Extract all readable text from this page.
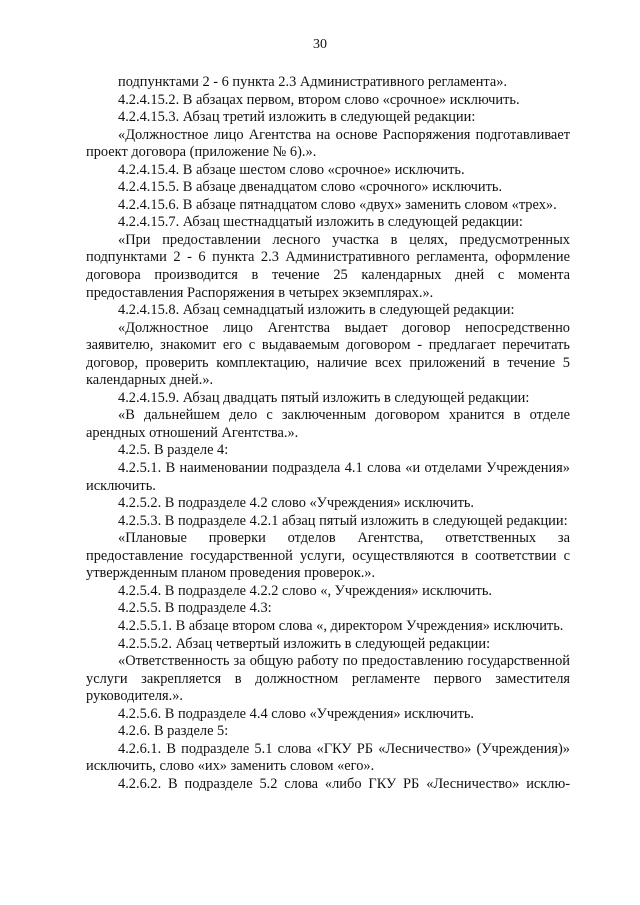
30

подпунктами 2 - 6 пункта 2.3 Административного регламента».

4.2.4.15.2. В абзацах первом, втором слово «срочное» исключить.

4.2.4.15.3. Абзац третий изложить в следующей редакции:

«Должностное лицо Агентства на основе Распоряжения подготавливает проект договора (приложение № 6).».

4.2.4.15.4. В абзаце шестом слово «срочное» исключить.

4.2.4.15.5. В абзаце двенадцатом слово «срочного» исключить.

4.2.4.15.6. В абзаце пятнадцатом слово «двух» заменить словом «трех».

4.2.4.15.7. Абзац шестнадцатый изложить в следующей редакции:

«При предоставлении лесного участка в целях, предусмотренных подпунктами 2 - 6 пункта 2.3 Административного регламента, оформление договора производится в течение 25 календарных дней с момента предоставления Распоряжения в четырех экземплярах.».

4.2.4.15.8. Абзац семнадцатый изложить в следующей редакции:

«Должностное лицо Агентства выдает договор непосредственно заявителю, знакомит его с выдаваемым договором - предлагает перечитать договор, проверить комплектацию, наличие всех приложений в течение 5 календарных дней.».

4.2.4.15.9. Абзац двадцать пятый изложить в следующей редакции:

«В дальнейшем дело с заключенным договором хранится в отделе арендных отношений Агентства.».

4.2.5. В разделе 4:

4.2.5.1. В наименовании подраздела 4.1 слова «и отделами Учреждения» исключить.

4.2.5.2. В подразделе 4.2 слово «Учреждения» исключить.

4.2.5.3. В подразделе 4.2.1 абзац пятый изложить в следующей редакции:

«Плановые проверки отделов Агентства, ответственных за предоставление государственной услуги, осуществляются в соответствии с утвержденным планом проведения проверок.».

4.2.5.4. В подразделе 4.2.2 слово «, Учреждения» исключить.

4.2.5.5. В подразделе 4.3:

4.2.5.5.1. В абзаце втором слова «, директором Учреждения» исключить.

4.2.5.5.2. Абзац четвертый изложить в следующей редакции:

«Ответственность за общую работу по предоставлению государственной услуги закрепляется в должностном регламенте первого заместителя руководителя.».

4.2.5.6. В подразделе 4.4 слово «Учреждения» исключить.

4.2.6. В разделе 5:

4.2.6.1. В подразделе 5.1 слова «ГКУ РБ «Лесничество» (Учреждения)» исключить, слово «их» заменить словом «его».

4.2.6.2. В подразделе 5.2 слова «либо ГКУ РБ «Лесничество» исклю-
